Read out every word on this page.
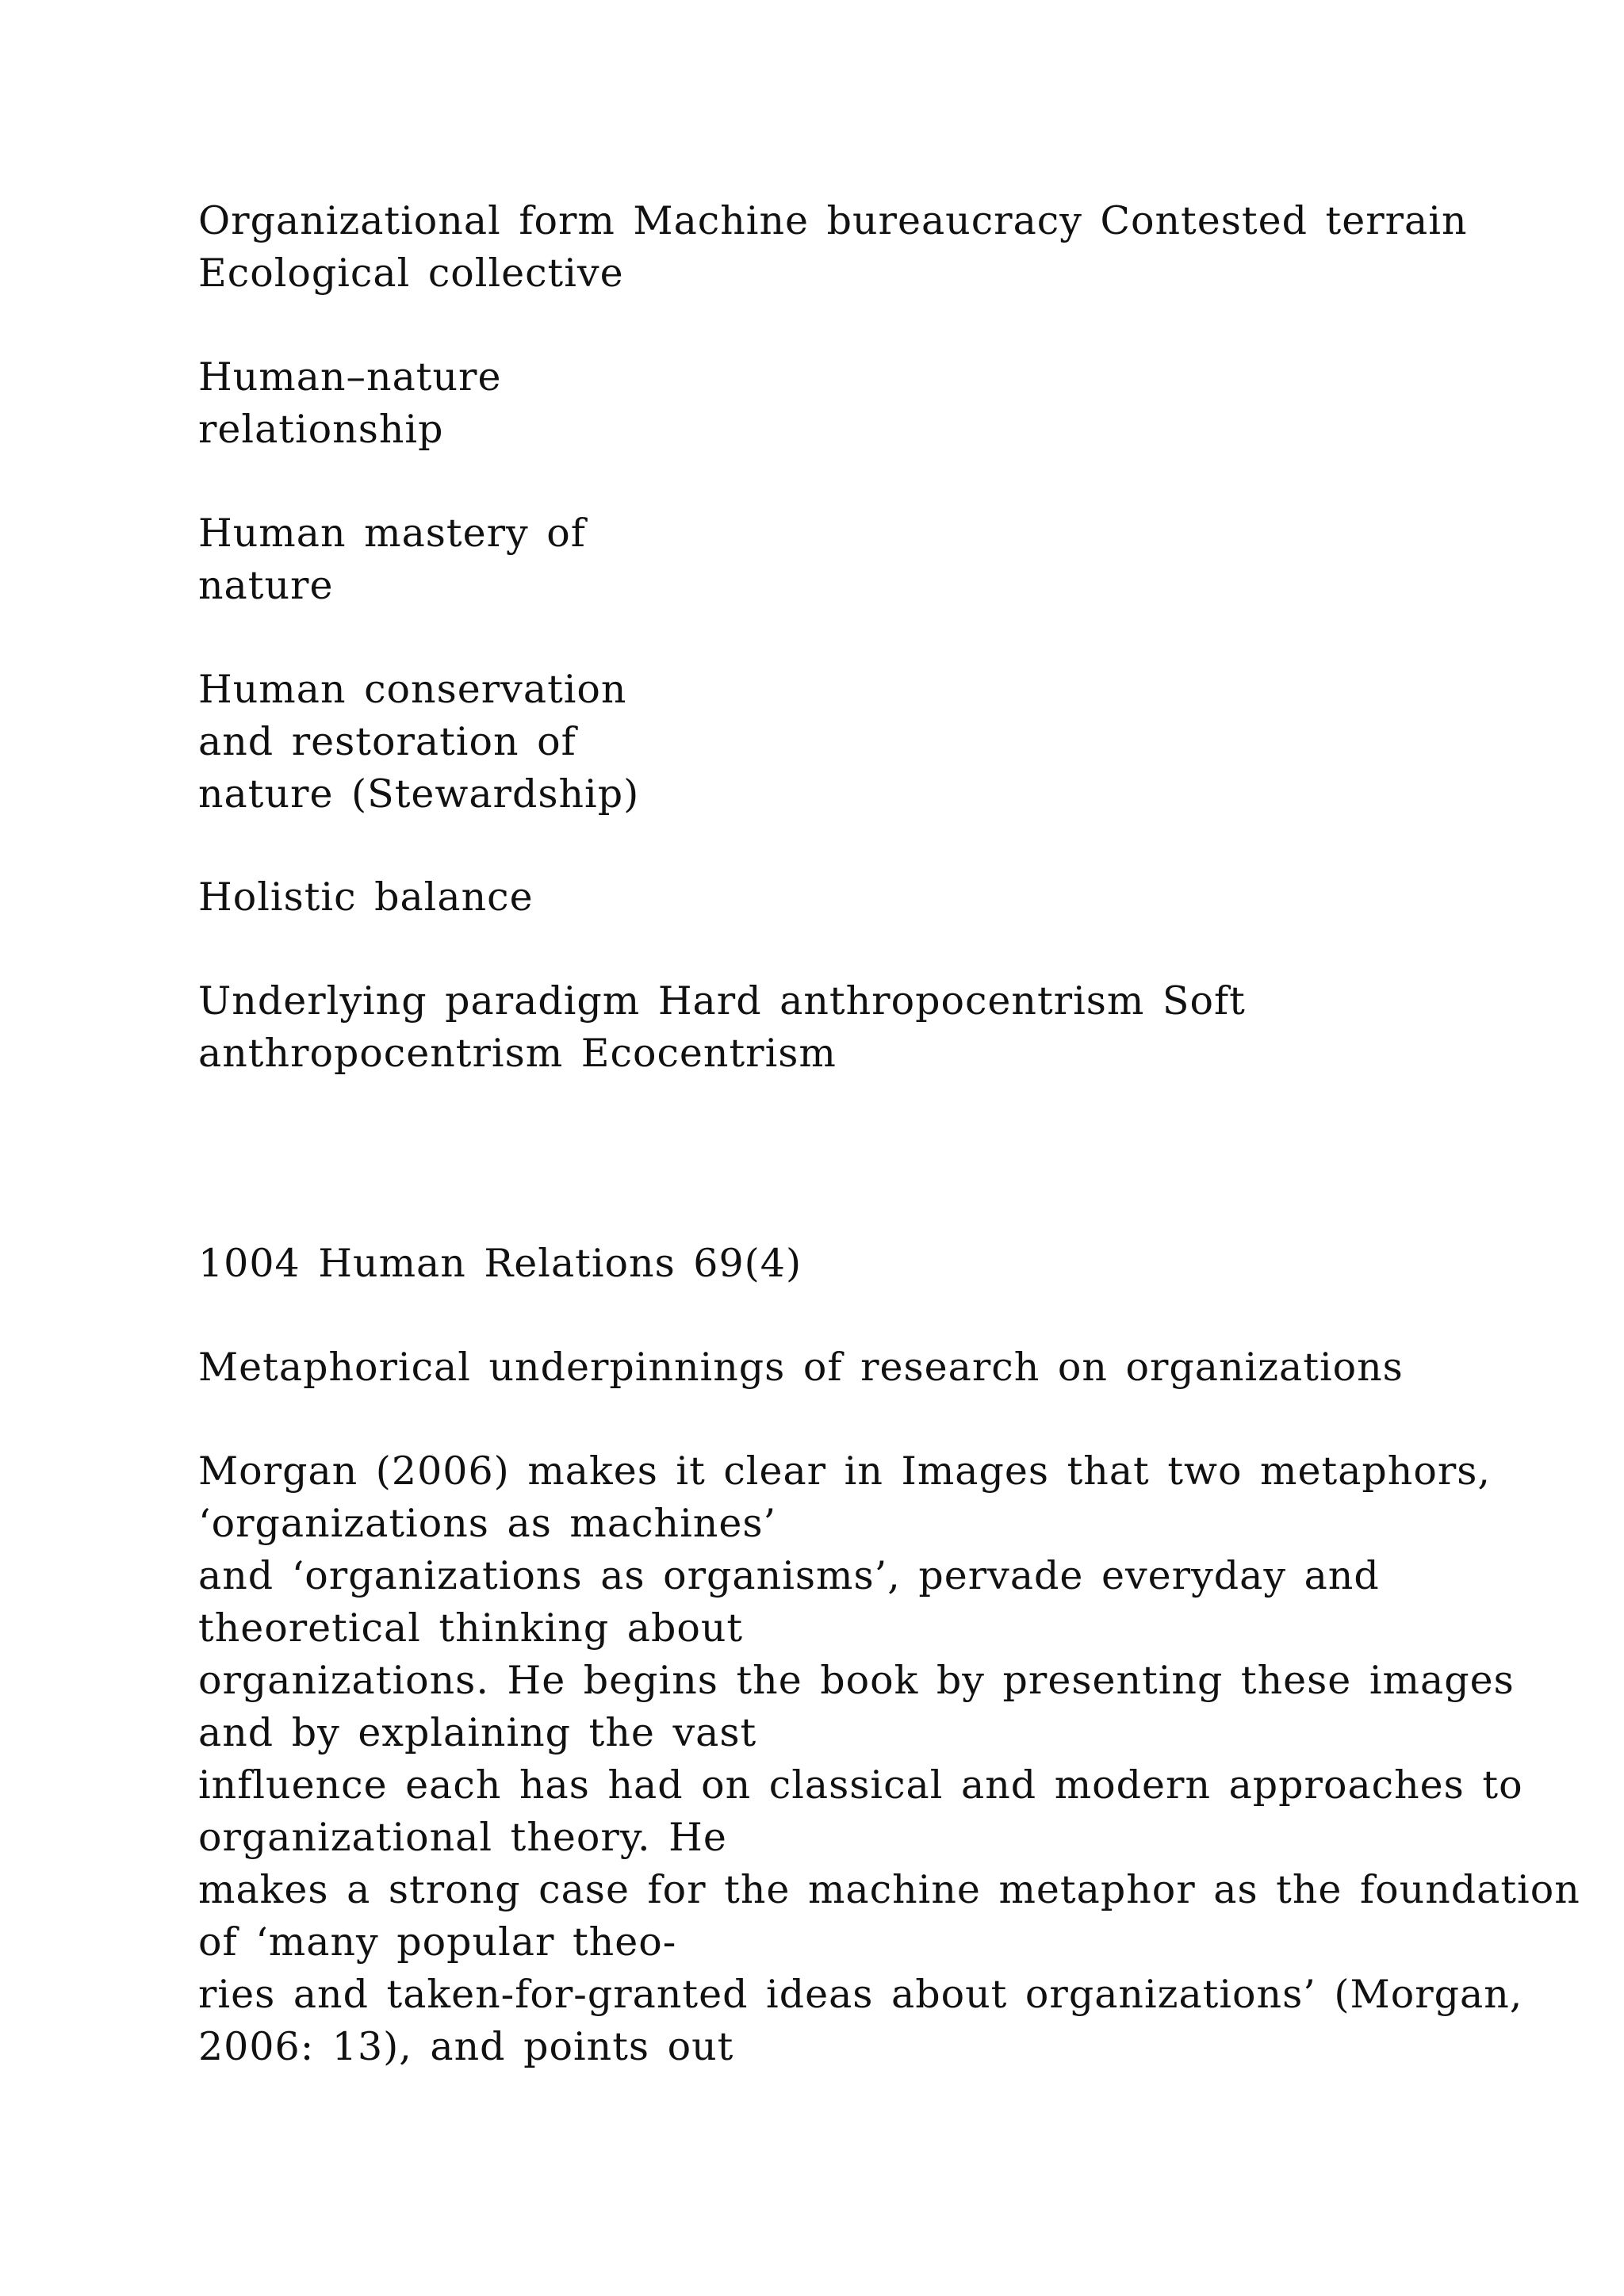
Organizational form Machine bureaucracy Contested terrain
Ecological collective
Human–nature
relationship
Human mastery of
nature
Human conservation
and restoration of
nature (Stewardship)
Holistic balance
Underlying paradigm Hard anthropocentrism Soft
anthropocentrism Ecocentrism
1004 Human Relations 69(4)
Metaphorical underpinnings of research on organizations
Morgan (2006) makes it clear in Images that two metaphors,
‘organizations as machines’
and ‘organizations as organisms’, pervade everyday and
theoretical thinking about
organizations. He begins the book by presenting these images
and by explaining the vast
influence each has had on classical and modern approaches to
organizational theory. He
makes a strong case for the machine metaphor as the foundation
of ‘many popular theo-
ries and taken-for-granted ideas about organizations’ (Morgan,
2006: 13), and points out
